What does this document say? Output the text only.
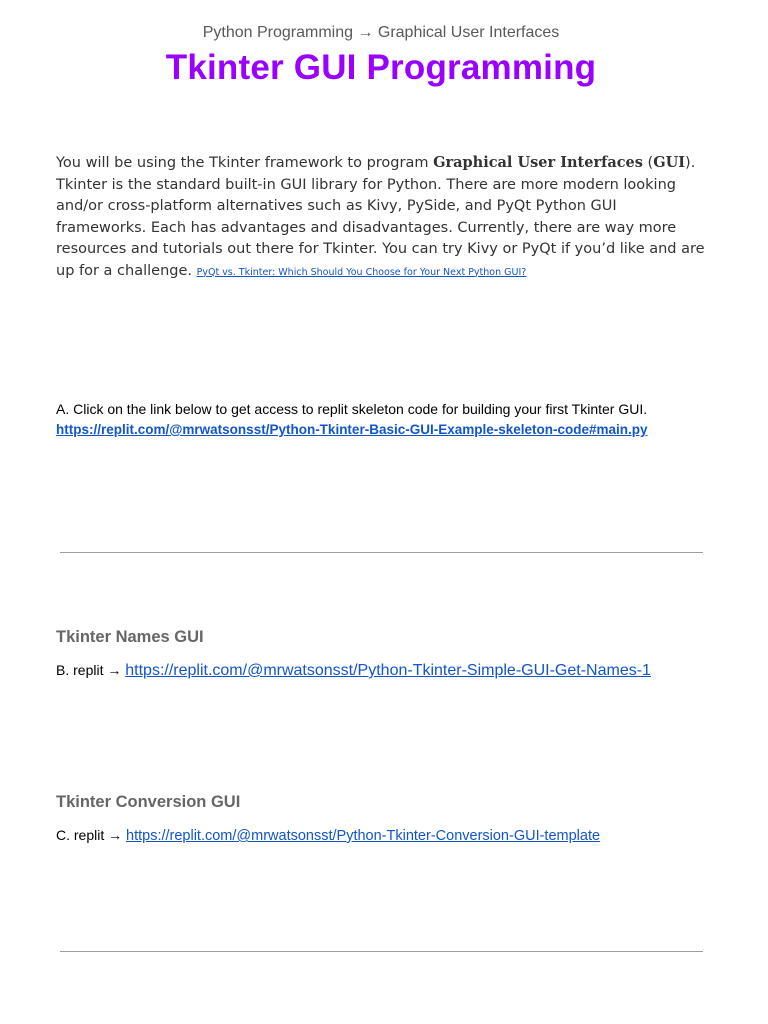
Python Programming → Graphical User Interfaces
Tkinter GUI Programming
You will be using the Tkinter framework to program Graphical User Interfaces (GUI). Tkinter is the standard built-in GUI library for Python. There are more modern looking and/or cross-platform alternatives such as Kivy, PySide, and PyQt Python GUI frameworks. Each has advantages and disadvantages. Currently, there are way more resources and tutorials out there for Tkinter. You can try Kivy or PyQt if you’d like and are up for a challenge. PyQt vs. Tkinter: Which Should You Choose for Your Next Python GUI?
A. Click on the link below to get access to replit skeleton code for building your first Tkinter GUI.
https://replit.com/@mrwatsonsst/Python-Tkinter-Basic-GUI-Example-skeleton-code#main.py
Tkinter Names GUI
B. replit → https://replit.com/@mrwatsonsst/Python-Tkinter-Simple-GUI-Get-Names-1
Tkinter Conversion GUI
C. replit → https://replit.com/@mrwatsonsst/Python-Tkinter-Conversion-GUI-template
